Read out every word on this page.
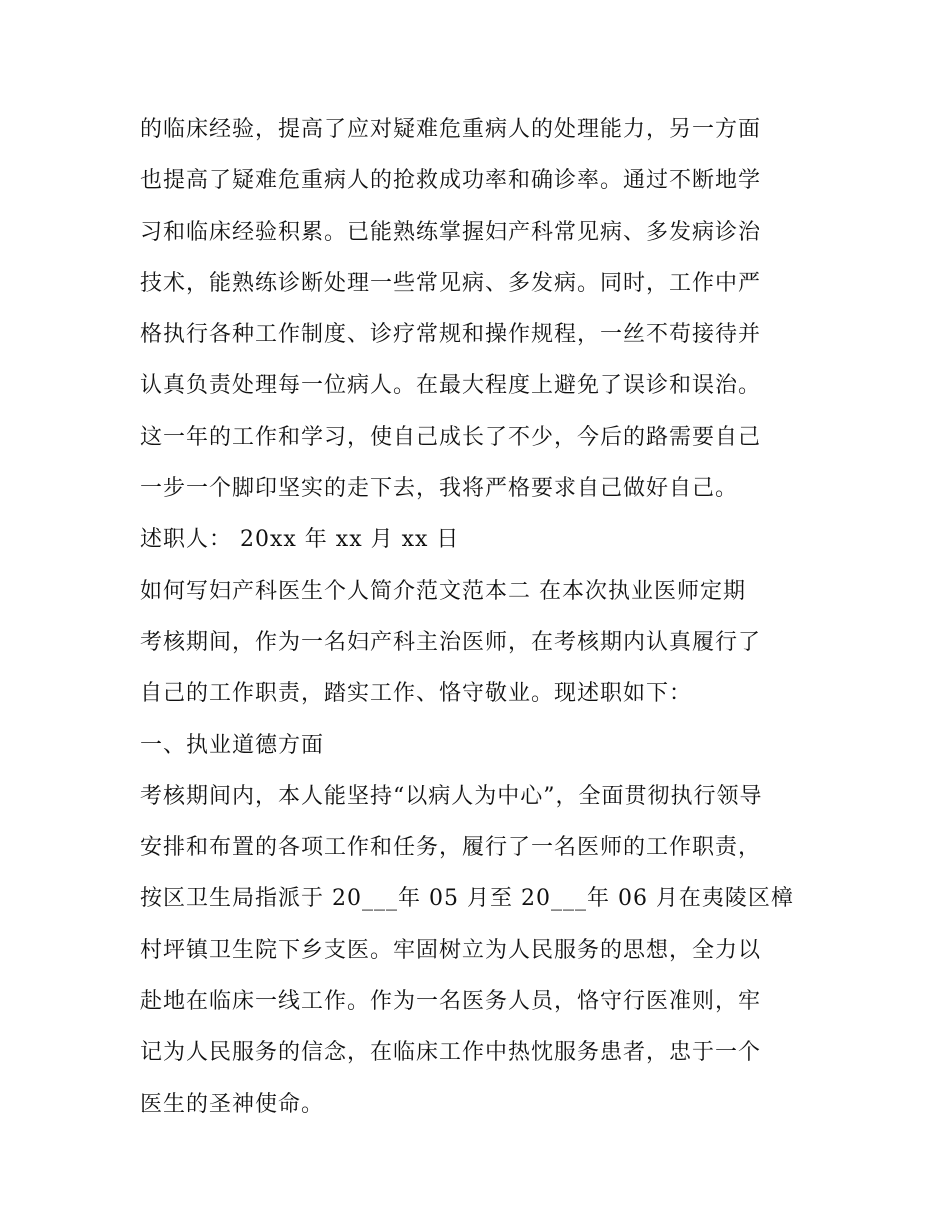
的临床经验，提高了应对疑难危重病人的处理能力，另一方面
也提高了疑难危重病人的抢救成功率和确诊率。通过不断地学
习和临床经验积累。已能熟练掌握妇产科常见病、多发病诊治
技术，能熟练诊断处理一些常见病、多发病。同时，工作中严
格执行各种工作制度、诊疗常规和操作规程，一丝不苟接待并
认真负责处理每一位病人。在最大程度上避免了误诊和误治。
这一年的工作和学习，使自己成长了不少，今后的路需要自己
一步一个脚印坚实的走下去，我将严格要求自己做好自己。
述职人： 20xx 年 xx 月 xx 日
如何写妇产科医生个人简介范文范本二 在本次执业医师定期
考核期间，作为一名妇产科主治医师，在考核期内认真履行了
自己的工作职责，踏实工作、恪守敬业。现述职如下：
一、执业道德方面
考核期间内，本人能坚持“以病人为中心”，全面贯彻执行领导
安排和布置的各项工作和任务，履行了一名医师的工作职责，
按区卫生局指派于 20___年 05 月至 20___年 06 月在夷陵区樟
村坪镇卫生院下乡支医。牢固树立为人民服务的思想，全力以
赴地在临床一线工作。作为一名医务人员，恪守行医准则，牢
记为人民服务的信念，在临床工作中热忱服务患者，忠于一个
医生的圣神使命。
